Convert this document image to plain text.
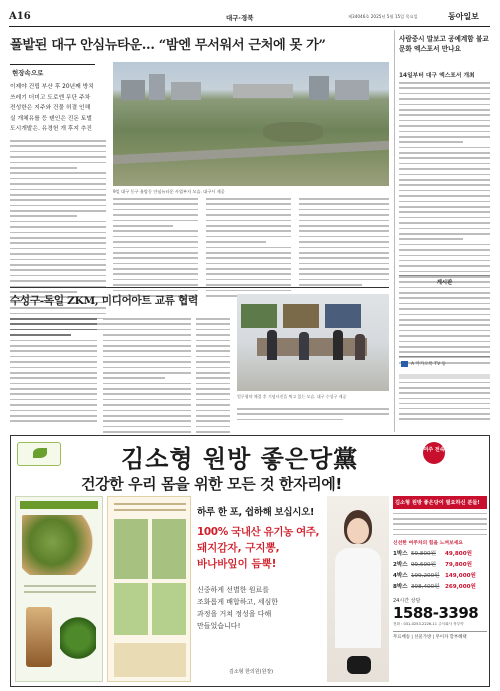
A16	대구·경북	제34046호 2025년 5월 15일 목요일	동아일보
풀밭된 대구 안심뉴타운… “밤엔 무서워서 근처에 못 가”
현장속으로
이제야 건립 부산 후 20년째 방치
쓰레기 더미고 도로엔 무단 주차
전성한은 지주와 건물 허결 인해
실 개체유를 등 텐인은 진돈 토벌
도시개발은. 유경헌 개 후지 추진
9일 대구 동구 율암동 안심뉴타운 사업부지 모습. 대구시 제공
수성구-독일 ZKM, 미디어아트 교류 협력
업무협약 체결 후 기념사진을 찍고 있는 모습. 대구 수성구 제공
사람중시 말보고 공예계함 불교문화 엑스포서 만나요
14일부터 대구 엑스포서 개최
게시판
A 카카오톡 TV 등
김소형 원방 좋은당黨	여주 전속
건강한 우리 몸을 위한 모든 것 한자리에!
하루 한 포, 쉽하해 보십시오!
100% 국내산 유기농 여주,
돼지감자, 구지뽕,
바나바잎이 듬뿍!
신중하게 선별한 원료를
조화롭게 배합하고, 세심한
과정을 거쳐 정성을 다해
만들었습니다!
김소형 한의원(원장)
김소형 원방 좋은당이 필요하신 분들!
신선한 여주차의 힘을 느껴보세요
1박스 59,800원	49,800원
2박스 99,600원	79,800원
4박스 199,200원 149,000원
8박스 398,400원 269,000원
24시간 상담
1588-3398
전화 : 031-0253-2226-11 주식회사 북부약
무료배송 | 선물가방 | 무이자 할부혜택
